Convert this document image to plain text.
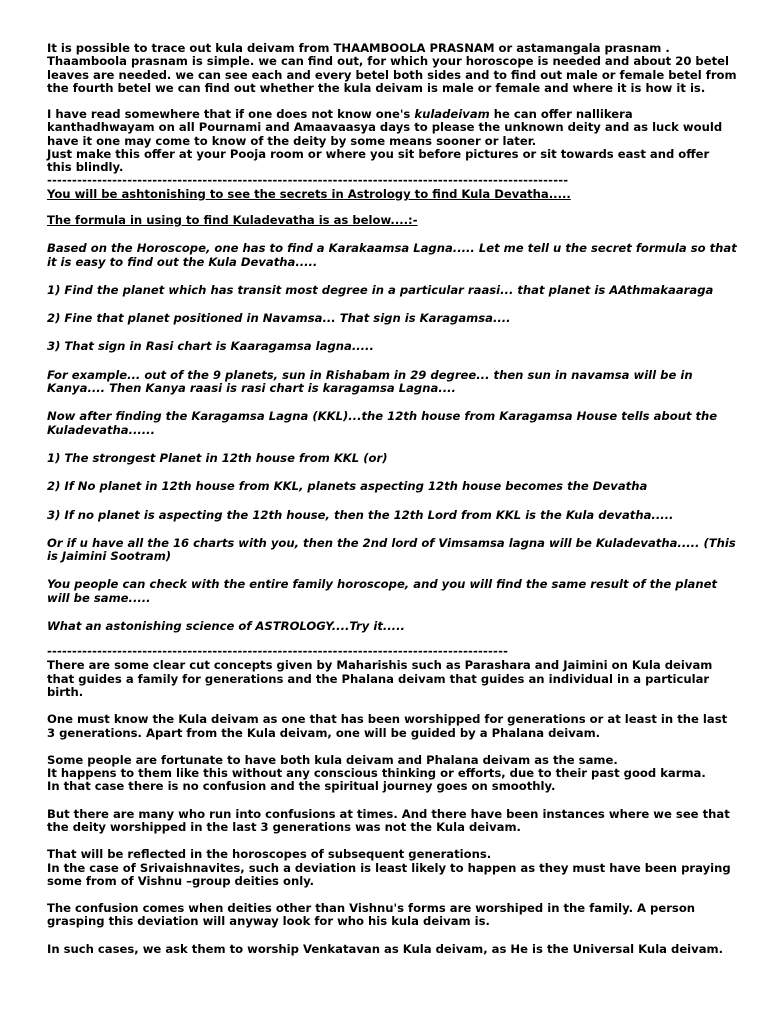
It is possible to trace out kula deivam from THAAMBOOLA PRASNAM or astamangala prasnam . Thaamboola prasnam is simple. we can find out, for which your horoscope is needed and about 20 betel leaves are needed. we can see each and every betel both sides and to find out male or female betel from the fourth betel we can find out whether the kula deivam is male or female and where it is how it is.

I have read somewhere that if one does not know one's kuladeivam he can offer nallikera kanthadhwayam on all Pournami and Amaavaasya days to please the unknown deity and as luck would have it one may come to know of the deity by some means sooner or later.

Just make this offer at your Pooja room or where you sit before pictures or sit towards east and offer this blindly.

--------------------------------------------------------------------------------------------------------

You will be ashtonishing to see the secrets in Astrology to find Kula Devatha.....

The formula in using to find Kuladevatha is as below....:-

Based on the Horoscope, one has to find a Karakaamsa Lagna..... Let me tell u the secret formula so that it is easy to find out the Kula Devatha.....

1) Find the planet which has transit most degree in a particular raasi... that planet is AAthmakaaraga

2) Fine that planet positioned in Navamsa... That sign is Karagamsa....

3) That sign in Rasi chart is Kaaragamsa lagna.....

For example... out of the 9 planets, sun in Rishabam in 29 degree... then sun in navamsa will be in Kanya.... Then Kanya raasi is rasi chart is karagamsa Lagna....

Now after finding the Karagamsa Lagna (KKL)...the 12th house from Karagamsa House tells about the Kuladevatha......

1) The strongest Planet in 12th house from KKL (or)

2) If No planet in 12th house from KKL, planets aspecting 12th house becomes the Devatha

3) If no planet is aspecting the 12th house, then the 12th Lord from KKL is the Kula devatha.....

Or if u have all the 16 charts with you, then the 2nd lord of Vimsamsa lagna will be Kuladevatha..... (This is Jaimini Sootram)

You people can check with the entire family horoscope, and you will find the same result of the planet will be same.....

What an astonishing science of ASTROLOGY....Try it.....

--------------------------------------------------------------------------------------------

There are some clear cut concepts given by Maharishis such as Parashara and Jaimini on Kula deivam that guides a family for generations and the Phalana deivam that guides an individual in a particular birth.

One must know the Kula deivam as one that has been worshipped for generations or at least in the last 3 generations. Apart from the Kula deivam, one will be guided by a Phalana deivam.

Some people are fortunate to have both kula deivam and Phalana deivam as the same.

It happens to them like this without any conscious thinking or efforts, due to their past good karma.

In that case there is no confusion and the spiritual journey goes on smoothly.

But there are many who run into confusions at times. And there have been instances where we see that the deity worshipped in the last 3 generations was not the Kula deivam.

That will be reflected in the horoscopes of subsequent generations.

In the case of Srivaishnavites, such a deviation is least likely to happen as they must have been praying some from of Vishnu –group deities only.

The confusion comes when deities other than Vishnu's forms are worshiped in the family. A person grasping this deviation will anyway look for who his kula deivam is.

In such cases, we ask them to worship Venkatavan as Kula deivam, as He is the Universal Kula deivam.
